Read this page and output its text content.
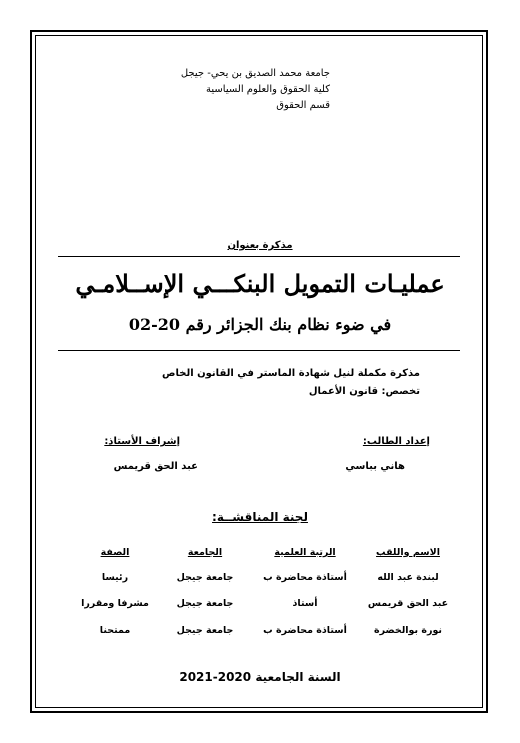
جامعة محمد الصديق بن يحي- جيجل
كلية الحقوق والعلوم السياسية
قسم الحقوق
مذكرة بعنوان
عمليـات التمويل البنكـــي الإســلامـي
في ضوء نظام بنك الجزائر رقم 20-02
مذكرة مكملة لنيل شهادة الماستر في القانون الخاص
تخصص: قانون الأعمال
إعداد الطالب:
هاني بباسي
إشراف الأستاذ:
عبد الحق قريمس
لجنة المناقشــة:
الاسم واللقب
الرتبة العلمية
الجامعة
الصفة
لبندة عبد الله
أستاذة محاضرة ب
جامعة جيجل
رئيسا
عبد الحق قريمس
أستاذ
جامعة جيجل
مشرفا ومقررا
نورة بوالخضرة
أستاذة محاضرة ب
جامعة جيجل
ممتحنا
السنة الجامعية 2020-2021
